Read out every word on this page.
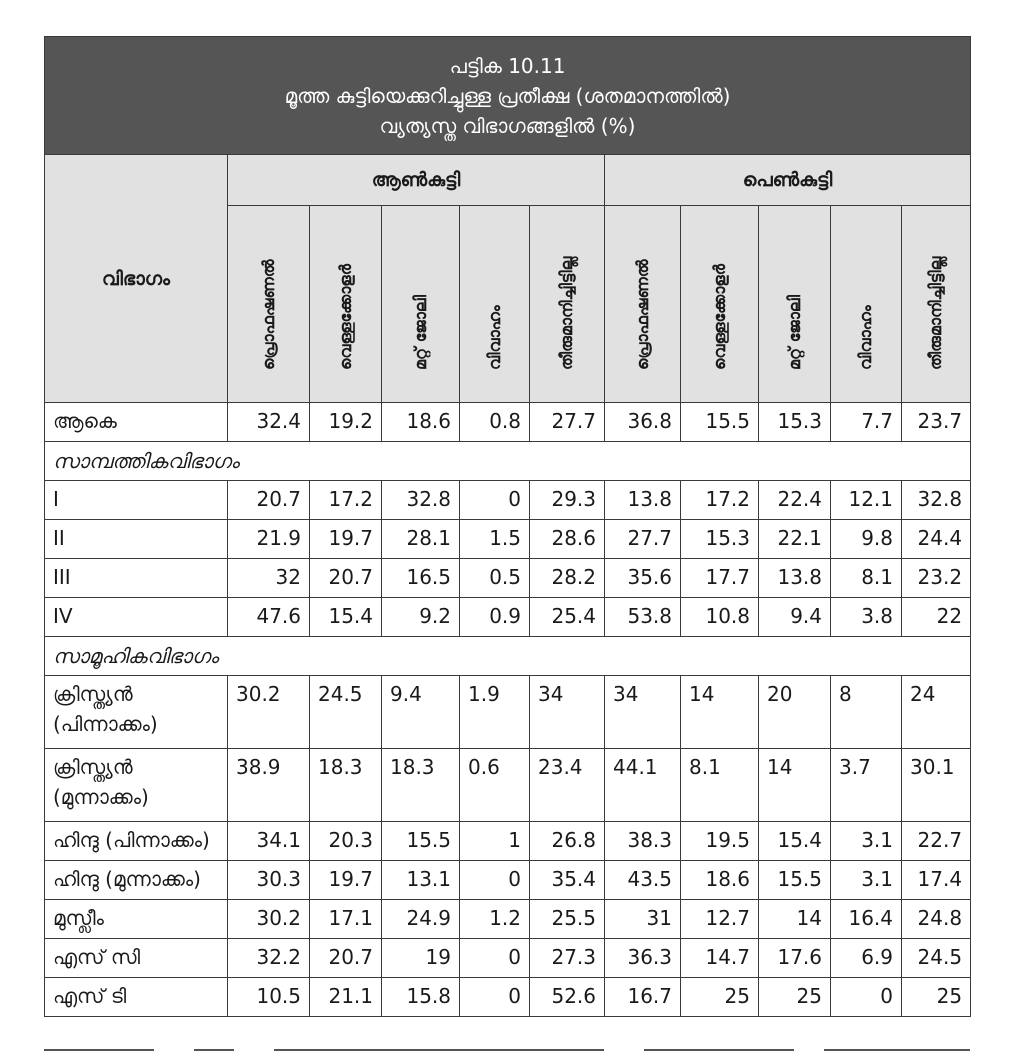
പട്ടിക 10.11
മൂത്ത കുട്ടിയെക്കുറിച്ചുള്ള പ്രതീക്ഷ (ശതമാനത്തിൽ)
വ്യത്യസ്ത വിഭാഗങ്ങളിൽ (%)										

വിഭാഗം	ആൺകുട്ടി					പെൺകുട്ടി				

	പ്രൊഫഷണൽ	വെള്ളക്കോളർ	മറ്റ് ജോലി	വിവാഹം	തീരുമാനിച്ചിട്ടില്ല	പ്രൊഫഷണൽ	വെള്ളക്കോളർ	മറ്റ് ജോലി	വിവാഹം	തീരുമാനിച്ചിട്ടില്ല

ആകെ	32.4	19.2	18.6	0.8	27.7	36.8	15.5	15.3	7.7	23.7
സാമ്പത്തികവിഭാഗം										
I	20.7	17.2	32.8	0	29.3	13.8	17.2	22.4	12.1	32.8
II	21.9	19.7	28.1	1.5	28.6	27.7	15.3	22.1	9.8	24.4
III	32	20.7	16.5	0.5	28.2	35.6	17.7	13.8	8.1	23.2
IV	47.6	15.4	9.2	0.9	25.4	53.8	10.8	9.4	3.8	22
സാമൂഹികവിഭാഗം										
ക്രിസ്ത്യൻ (പിന്നാക്കം)	30.2	24.5	9.4	1.9	34	34	14	20	8	24
ക്രിസ്ത്യൻ (മുന്നാക്കം)	38.9	18.3	18.3	0.6	23.4	44.1	8.1	14	3.7	30.1
ഹിന്ദു (പിന്നാക്കം)	34.1	20.3	15.5	1	26.8	38.3	19.5	15.4	3.1	22.7
ഹിന്ദു (മുന്നാക്കം)	30.3	19.7	13.1	0	35.4	43.5	18.6	15.5	3.1	17.4
മുസ്ലീം	30.2	17.1	24.9	1.2	25.5	31	12.7	14	16.4	24.8
എസ് സി	32.2	20.7	19	0	27.3	36.3	14.7	17.6	6.9	24.5
എസ് ടി	10.5	21.1	15.8	0	52.6	16.7	25	25	0	25
